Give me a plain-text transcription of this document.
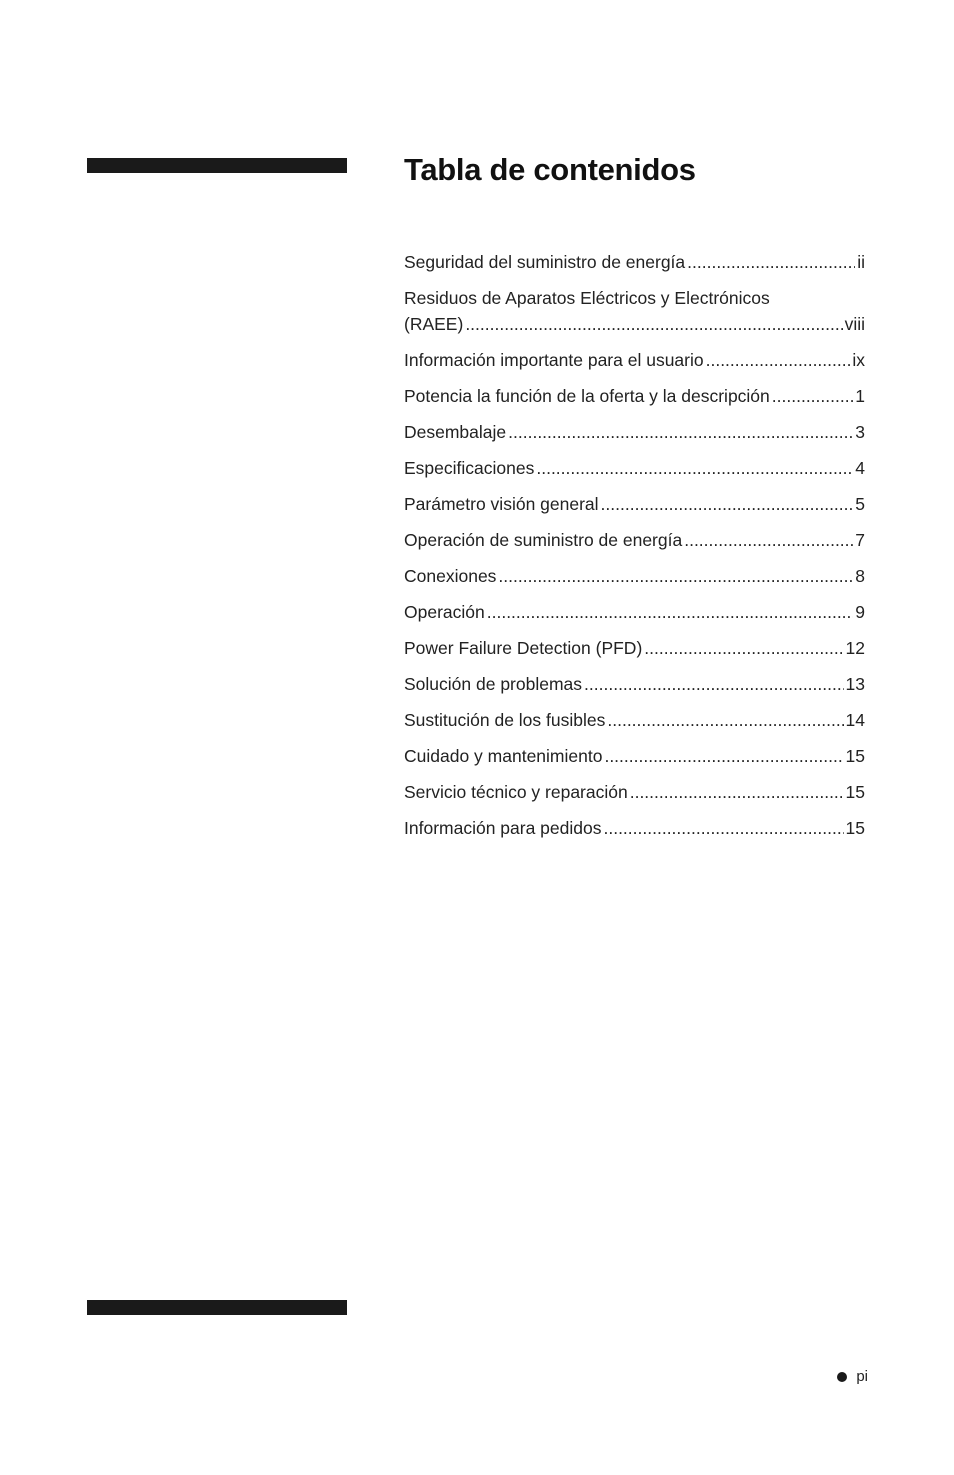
Tabla de contenidos
Seguridad del suministro de energía .....	ii
Residuos de Aparatos Eléctricos y Electrónicos
(RAEE) .....	viii
Información importante para el usuario .....	ix
Potencia la función de la oferta y la descripción .....	1
Desembalaje .....	3
Especificaciones .....	4
Parámetro visión general .....	5
Operación de suministro de energía .....	7
Conexiones .....	8
Operación .....	9
Power Failure Detection (PFD) .....	12
Solución de problemas .....	13
Sustitución de los fusibles .....	14
Cuidado y mantenimiento .....	15
Servicio técnico y reparación .....	15
Información para pedidos .....	15
pi
